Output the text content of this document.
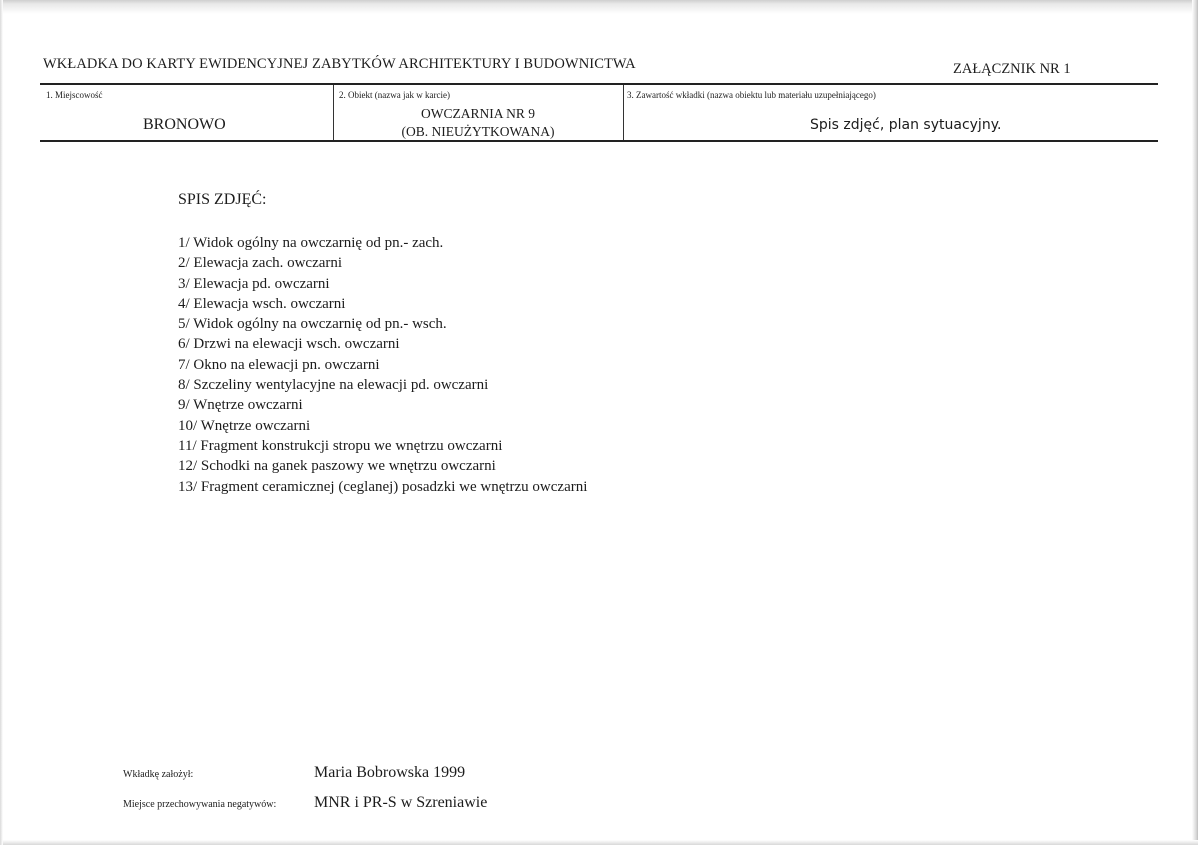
WKŁADKA DO KARTY EWIDENCYJNEJ ZABYTKÓW ARCHITEKTURY I BUDOWNICTWA	ZAŁĄCZNIK NR 1
1. Miejscowość
BRONOWO
2. Obiekt (nazwa jak w karcie)
OWCZARNIA NR 9
(OB. NIEUŻYTKOWANA)
3. Zawartość wkładki (nazwa obiektu lub materiału uzupełniającego)
Spis zdjęć, plan sytuacyjny.
SPIS ZDJĘĆ:
1/ Widok ogólny na owczarnię od pn.- zach.
2/ Elewacja zach. owczarni
3/ Elewacja pd. owczarni
4/ Elewacja wsch. owczarni
5/ Widok ogólny na owczarnię od pn.- wsch.
6/ Drzwi na elewacji wsch. owczarni
7/ Okno na elewacji pn. owczarni
8/ Szczeliny wentylacyjne na elewacji pd. owczarni
9/ Wnętrze owczarni
10/ Wnętrze owczarni
11/ Fragment konstrukcji stropu we wnętrzu owczarni
12/ Schodki na ganek paszowy we wnętrzu owczarni
13/ Fragment ceramicznej (ceglanej) posadzki we wnętrzu owczarni
Wkładkę założył:	Maria Bobrowska 1999
Miejsce przechowywania negatywów: MNR i PR-S w Szreniawie
